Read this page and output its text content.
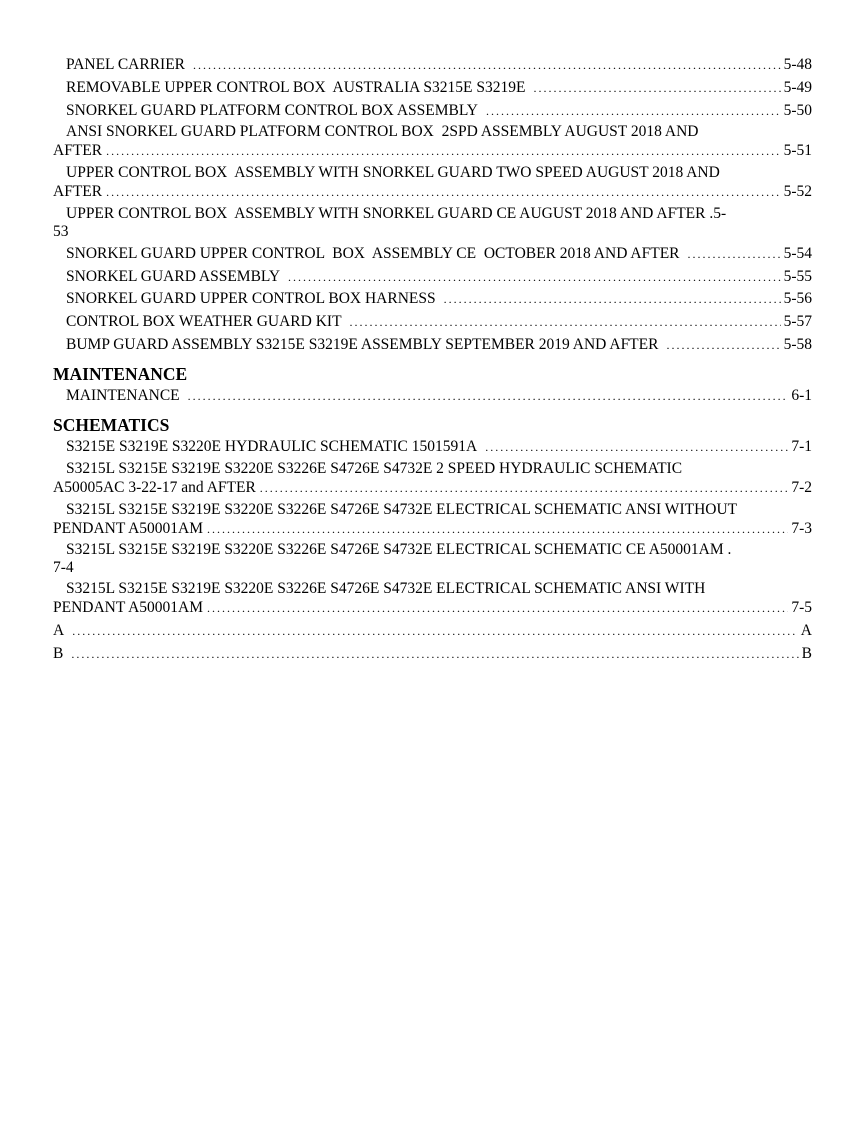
PANEL CARRIER .....	5-48
REMOVABLE UPPER CONTROL BOX  AUSTRALIA S3215E S3219E .....	5-49
SNORKEL GUARD PLATFORM CONTROL BOX ASSEMBLY .....	5-50
ANSI SNORKEL GUARD PLATFORM CONTROL BOX  2SPD ASSEMBLY AUGUST 2018 AND
AFTER .....	5-51
UPPER CONTROL BOX  ASSEMBLY WITH SNORKEL GUARD TWO SPEED AUGUST 2018 AND
AFTER .....	5-52
UPPER CONTROL BOX  ASSEMBLY WITH SNORKEL GUARD CE AUGUST 2018 AND AFTER .5-
53
SNORKEL GUARD UPPER CONTROL  BOX  ASSEMBLY CE  OCTOBER 2018 AND AFTER .....	5-54
SNORKEL GUARD ASSEMBLY .....	5-55
SNORKEL GUARD UPPER CONTROL BOX HARNESS .....	5-56
CONTROL BOX WEATHER GUARD KIT .....	5-57
BUMP GUARD ASSEMBLY S3215E S3219E ASSEMBLY SEPTEMBER 2019 AND AFTER .....	5-58
MAINTENANCE
MAINTENANCE .....	6-1
SCHEMATICS
S3215E S3219E S3220E HYDRAULIC SCHEMATIC 1501591A .....	7-1
S3215L S3215E S3219E S3220E S3226E S4726E S4732E 2 SPEED HYDRAULIC SCHEMATIC
A50005AC 3-22-17 and AFTER .....	7-2
S3215L S3215E S3219E S3220E S3226E S4726E S4732E ELECTRICAL SCHEMATIC ANSI WITHOUT
PENDANT A50001AM .....	7-3
S3215L S3215E S3219E S3220E S3226E S4726E S4732E ELECTRICAL SCHEMATIC CE A50001AM .
7-4
S3215L S3215E S3219E S3220E S3226E S4726E S4732E ELECTRICAL SCHEMATIC ANSI WITH
PENDANT A50001AM .....	7-5
A .....	A
B .....	B
